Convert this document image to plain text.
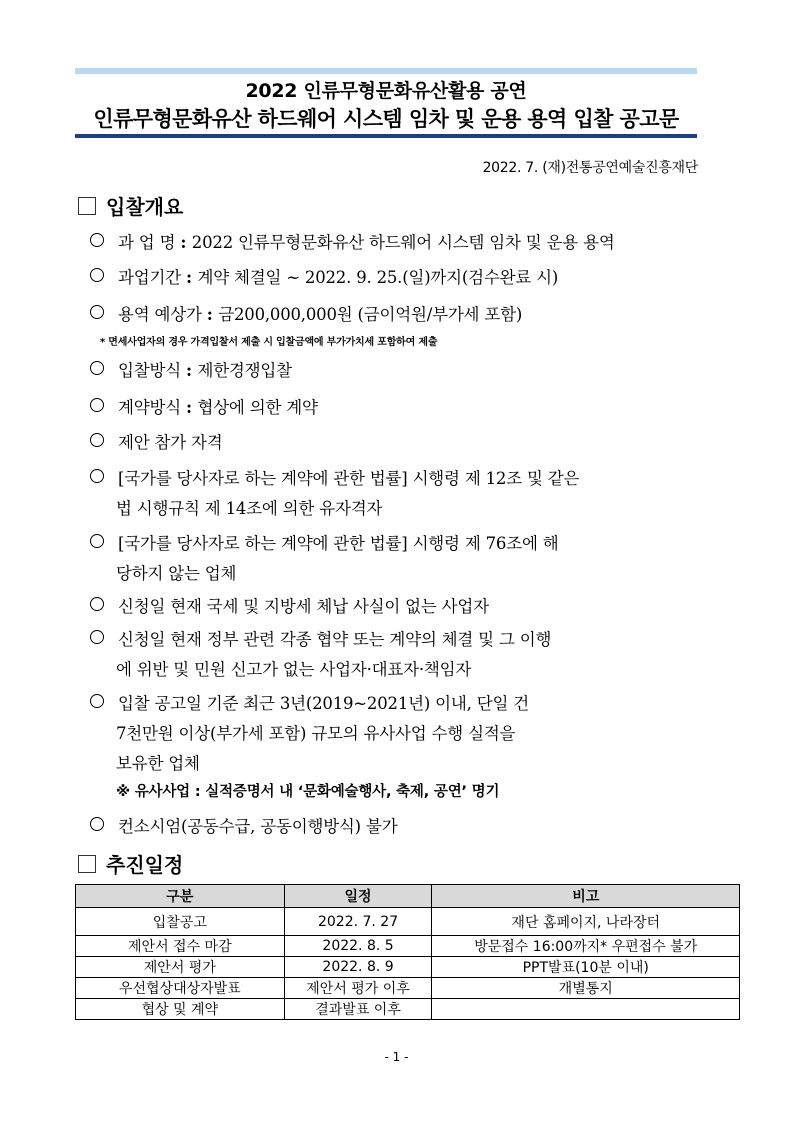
2022 인류무형문화유산활용 공연
인류무형문화유산 하드웨어 시스템 임차 및 운용 용역 입찰 공고문
2022. 7. (재)전통공연예술진흥재단
입찰개요
과 업 명 : 2022 인류무형문화유산 하드웨어 시스템 임차 및 운용 용역
과업기간 : 계약 체결일 ~ 2022. 9. 25.(일)까지(검수완료 시)
용역 예상가 : 금200,000,000원 (금이억원/부가세 포함)
* 면세사업자의 경우 가격입찰서 제출 시 입찰금액에 부가가치세 포함하여 제출
입찰방식 : 제한경쟁입찰
계약방식 : 협상에 의한 계약
제안 참가 자격
[국가를 당사자로 하는 계약에 관한 법률] 시행령 제 12조 및 같은
법 시행규칙 제 14조에 의한 유자격자
[국가를 당사자로 하는 계약에 관한 법률] 시행령 제 76조에 해
당하지 않는 업체
신청일 현재 국세 및 지방세 체납 사실이 없는 사업자
신청일 현재 정부 관련 각종 협약 또는 계약의 체결 및 그 이행
에 위반 및 민원 신고가 없는 사업자·대표자·책임자
입찰 공고일 기준 최근 3년(2019~2021년) 이내, 단일 건
7천만원 이상(부가세 포함) 규모의 유사사업 수행 실적을
보유한 업체
※ 유사사업 : 실적증명서 내 ‘문화예술행사, 축제, 공연’ 명기
컨소시엄(공동수급, 공동이행방식) 불가
추진일정
구분	일정	비고
입찰공고	2022. 7. 27	재단 홈페이지, 나라장터
제안서 접수 마감	2022. 8. 5	방문접수 16:00까지* 우편접수 불가
제안서 평가	2022. 8. 9	PPT발표(10분 이내)
우선협상대상자발표	제안서 평가 이후	개별통지
협상 및 계약	결과발표 이후	
- 1 -
